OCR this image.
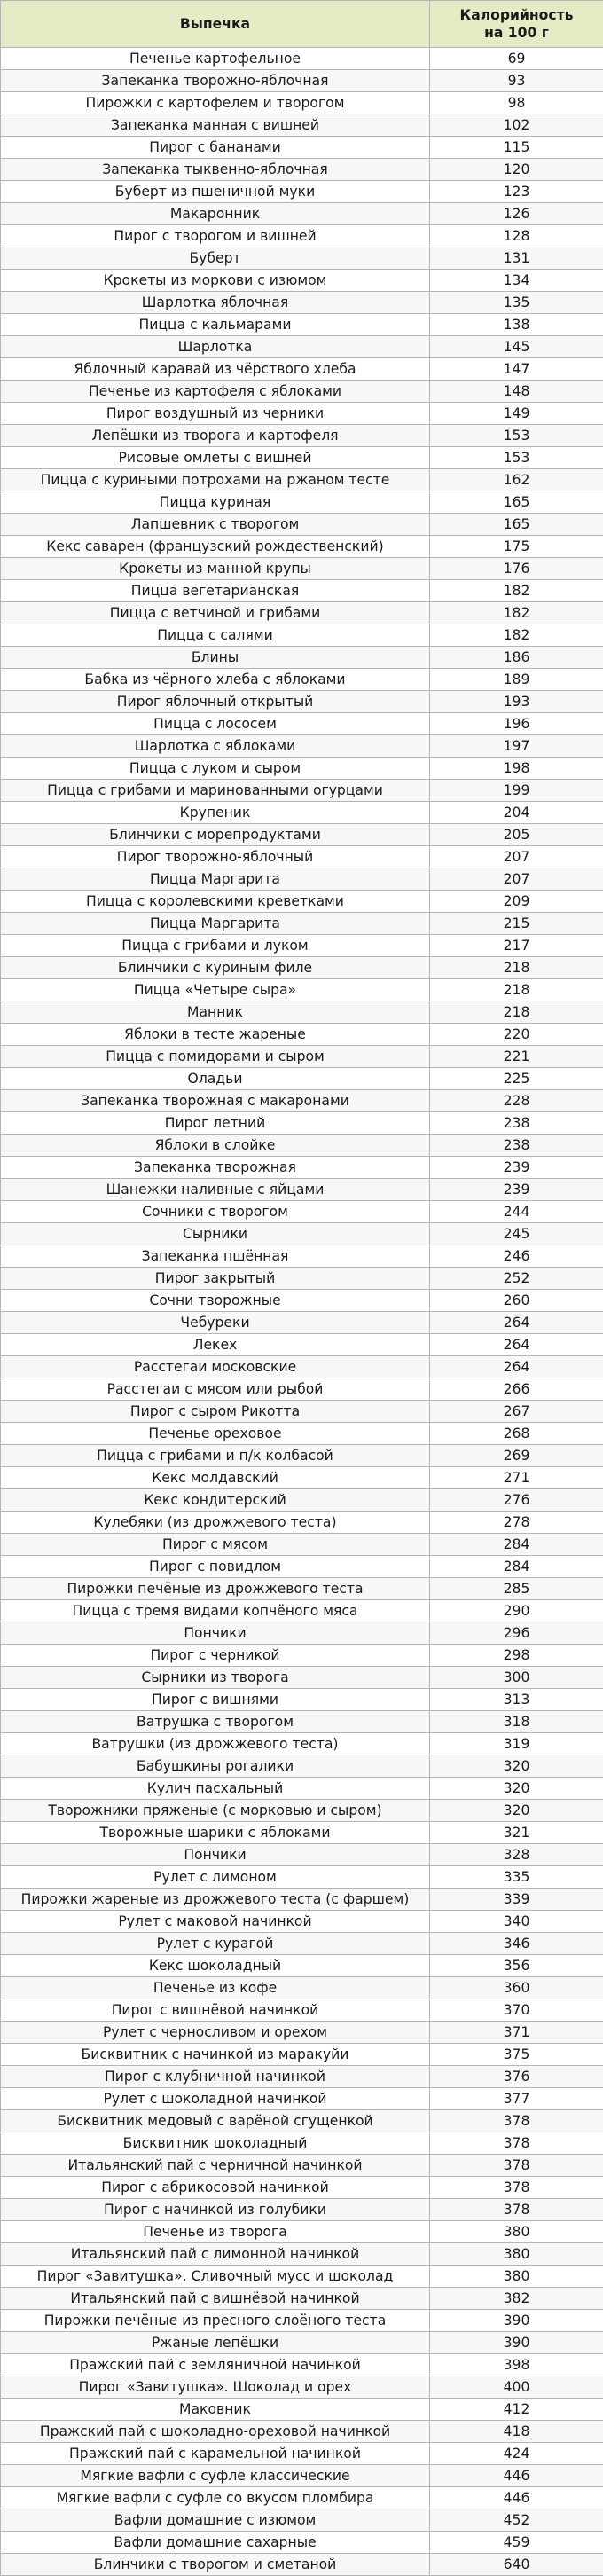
Выпечка	Калорийность
на 100 г
Печенье картофельное	69
Запеканка творожно-яблочная	93
Пирожки с картофелем и творогом	98
Запеканка манная с вишней	102
Пирог с бананами	115
Запеканка тыквенно-яблочная	120
Буберт из пшеничной муки	123
Макаронник	126
Пирог с творогом и вишней	128
Буберт	131
Крокеты из моркови с изюмом	134
Шарлотка яблочная	135
Пицца с кальмарами	138
Шарлотка	145
Яблочный каравай из чёрствого хлеба	147
Печенье из картофеля с яблоками	148
Пирог воздушный из черники	149
Лепёшки из творога и картофеля	153
Рисовые омлеты с вишней	153
Пицца с куриными потрохами на ржаном тесте	162
Пицца куриная	165
Лапшевник с творогом	165
Кекс саварен (французский рождественский)	175
Крокеты из манной крупы	176
Пицца вегетарианская	182
Пицца с ветчиной и грибами	182
Пицца с салями	182
Блины	186
Бабка из чёрного хлеба с яблоками	189
Пирог яблочный открытый	193
Пицца с лососем	196
Шарлотка с яблоками	197
Пицца с луком и сыром	198
Пицца с грибами и маринованными огурцами	199
Крупеник	204
Блинчики с морепродуктами	205
Пирог творожно-яблочный	207
Пицца Маргарита	207
Пицца с королевскими креветками	209
Пицца Маргарита	215
Пицца с грибами и луком	217
Блинчики с куриным филе	218
Пицца «Четыре сыра»	218
Манник	218
Яблоки в тесте жареные	220
Пицца с помидорами и сыром	221
Оладьи	225
Запеканка творожная с макаронами	228
Пирог летний	238
Яблоки в слойке	238
Запеканка творожная	239
Шанежки наливные с яйцами	239
Сочники с творогом	244
Сырники	245
Запеканка пшённая	246
Пирог закрытый	252
Сочни творожные	260
Чебуреки	264
Лекех	264
Расстегаи московские	264
Расстегаи с мясом или рыбой	266
Пирог с сыром Рикотта	267
Печенье ореховое	268
Пицца с грибами и п/к колбасой	269
Кекс молдавский	271
Кекс кондитерский	276
Кулебяки (из дрожжевого теста)	278
Пирог с мясом	284
Пирог с повидлом	284
Пирожки печёные из дрожжевого теста	285
Пицца с тремя видами копчёного мяса	290
Пончики	296
Пирог с черникой	298
Сырники из творога	300
Пирог с вишнями	313
Ватрушка с творогом	318
Ватрушки (из дрожжевого теста)	319
Бабушкины рогалики	320
Кулич пасхальный	320
Творожники пряженые (с морковью и сыром)	320
Творожные шарики с яблоками	321
Пончики	328
Рулет с лимоном	335
Пирожки жареные из дрожжевого теста (с фаршем)	339
Рулет с маковой начинкой	340
Рулет с курагой	346
Кекс шоколадный	356
Печенье из кофе	360
Пирог с вишнёвой начинкой	370
Рулет с черносливом и орехом	371
Бисквитник с начинкой из маракуйи	375
Пирог с клубничной начинкой	376
Рулет с шоколадной начинкой	377
Бисквитник медовый с варёной сгущенкой	378
Бисквитник шоколадный	378
Итальянский пай с черничной начинкой	378
Пирог с абрикосовой начинкой	378
Пирог с начинкой из голубики	378
Печенье из творога	380
Итальянский пай с лимонной начинкой	380
Пирог «Завитушка». Сливочный мусс и шоколад	380
Итальянский пай с вишнёвой начинкой	382
Пирожки печёные из пресного слоёного теста	390
Ржаные лепёшки	390
Пражский пай с земляничной начинкой	398
Пирог «Завитушка». Шоколад и орех	400
Маковник	412
Пражский пай с шоколадно-ореховой начинкой	418
Пражский пай с карамельной начинкой	424
Мягкие вафли с суфле классические	446
Мягкие вафли с суфле со вкусом пломбира	446
Вафли домашние с изюмом	452
Вафли домашние сахарные	459
Блинчики с творогом и сметаной	640
